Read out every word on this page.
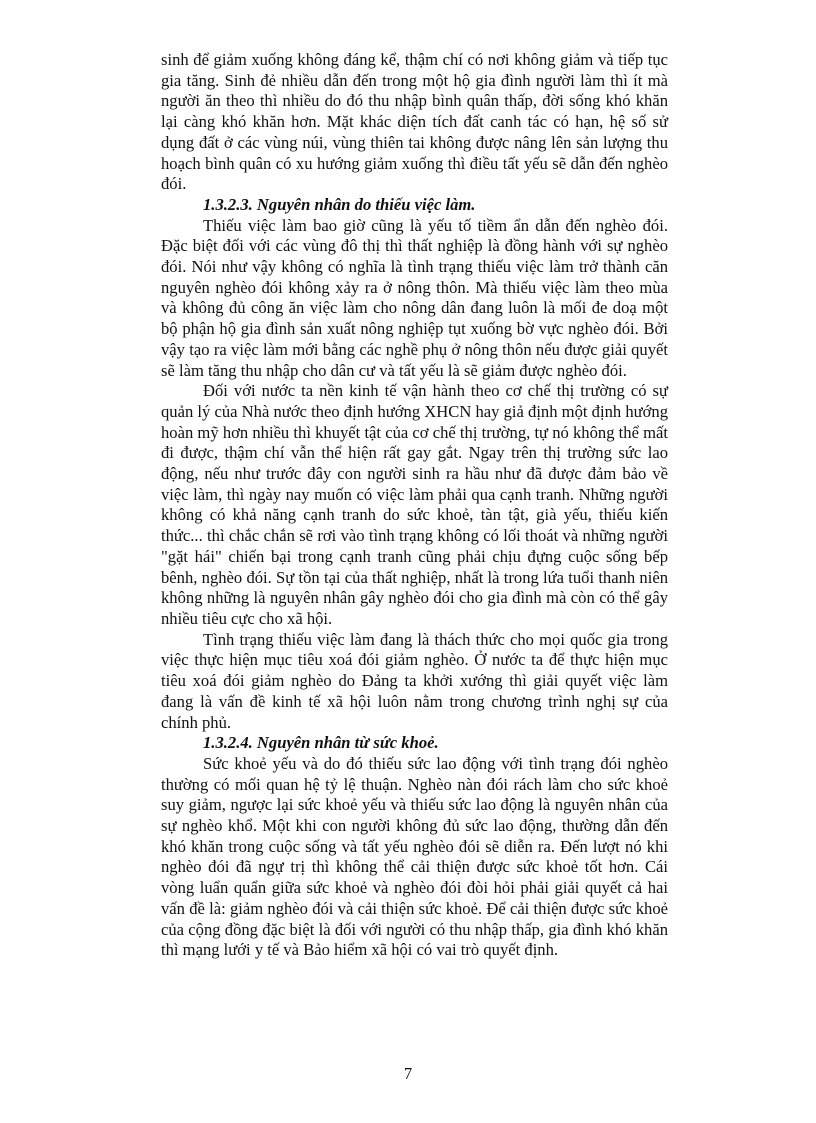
sinh để giảm xuống không đáng kể, thậm chí có nơi không giảm và tiếp tục gia tăng. Sinh đẻ nhiều dẫn đến trong một hộ gia đình người làm thì ít mà người ăn theo thì nhiều do đó thu nhập bình quân thấp, đời sống khó khăn lại càng khó khăn hơn. Mặt khác diện tích đất canh tác có hạn, hệ số sử dụng đất ở các vùng núi, vùng thiên tai không được nâng lên sản lượng thu hoạch bình quân có xu hướng giảm xuống thì điều tất yếu sẽ dẫn đến nghèo đói.

1.3.2.3. Nguyên nhân do thiếu việc làm.

Thiếu việc làm bao giờ cũng là yếu tố tiềm ẩn dẫn đến nghèo đói. Đặc biệt đối với các vùng đô thị thì thất nghiệp là đồng hành với sự nghèo đói. Nói như vậy không có nghĩa là tình trạng thiếu việc làm trở thành căn nguyên nghèo đói không xảy ra ở nông thôn. Mà thiếu việc làm theo mùa và không đủ công ăn việc làm cho nông dân đang luôn là mối đe doạ một bộ phận hộ gia đình sản xuất nông nghiệp tụt xuống bờ vực nghèo đói. Bởi vậy tạo ra việc làm mới bằng các nghề phụ ở nông thôn nếu được giải quyết sẽ làm tăng thu nhập cho dân cư và tất yếu là sẽ giảm được nghèo đói.

Đối với nước ta nền kinh tế vận hành theo cơ chế thị trường có sự quản lý của Nhà nước theo định hướng XHCN hay giả định một định hướng hoàn mỹ hơn nhiều thì khuyết tật của cơ chế thị trường, tự nó không thể mất đi được, thậm chí vẫn thể hiện rất gay gắt. Ngay trên thị trường sức lao động, nếu như trước đây con người sinh ra hầu như đã được đảm bảo về việc làm, thì ngày nay muốn có việc làm phải qua cạnh tranh. Những người không có khả năng cạnh tranh do sức khoẻ, tàn tật, già yếu, thiếu kiến thức... thì chắc chắn sẽ rơi vào tình trạng không có lối thoát và những người "gặt hái" chiến bại trong cạnh tranh cũng phải chịu đựng cuộc sống bếp bênh, nghèo đói. Sự tồn tại của thất nghiệp, nhất là trong lứa tuổi thanh niên không những là nguyên nhân gây nghèo đói cho gia đình mà còn có thể gây nhiều tiêu cực cho xã hội.

Tình trạng thiếu việc làm đang là thách thức cho mọi quốc gia trong việc thực hiện mục tiêu xoá đói giảm nghèo. Ở nước ta để thực hiện mục tiêu xoá đói giảm nghèo do Đảng ta khởi xướng thì giải quyết việc làm đang là vấn đề kinh tế xã hội luôn nằm trong chương trình nghị sự của chính phủ.

1.3.2.4. Nguyên nhân từ sức khoẻ.

Sức khoẻ yếu và do đó thiếu sức lao động với tình trạng đói nghèo thường có mối quan hệ tỷ lệ thuận. Nghèo nàn đói rách làm cho sức khoẻ suy giảm, ngược lại sức khoẻ yếu và thiếu sức lao động là nguyên nhân của sự nghèo khổ. Một khi con người không đủ sức lao động, thường dẫn đến khó khăn trong cuộc sống và tất yếu nghèo đói sẽ diễn ra. Đến lượt nó khi nghèo đói đã ngự trị thì không thể cải thiện được sức khoẻ tốt hơn. Cái vòng luẩn quẩn giữa sức khoẻ và nghèo đói đòi hỏi phải giải quyết cả hai vấn đề là: giảm nghèo đói và cải thiện sức khoẻ. Để cải thiện được sức khoẻ của cộng đồng đặc biệt là đối với người có thu nhập thấp, gia đình khó khăn thì mạng lưới y tế và Bảo hiểm xã hội có vai trò quyết định.

7
